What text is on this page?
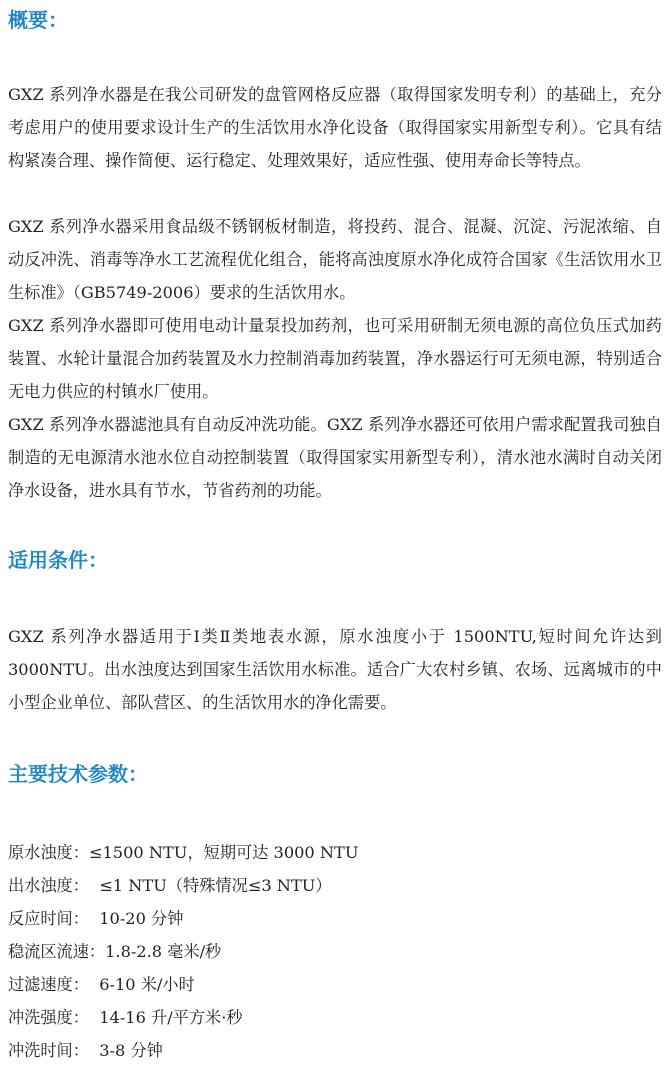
概要：

GXZ 系列净水器是在我公司研发的盘管网格反应器（取得国家发明专利）的基础上，充分考虑用户的使用要求设计生产的生活饮用水净化设备（取得国家实用新型专利）。它具有结构紧凑合理、操作简便、运行稳定、处理效果好，适应性强、使用寿命长等特点。

GXZ 系列净水器采用食品级不锈钢板材制造，将投药、混合、混凝、沉淀、污泥浓缩、自动反冲洗、消毒等净水工艺流程优化组合，能将高浊度原水净化成符合国家《生活饮用水卫生标准》（GB5749-2006）要求的生活饮用水。

GXZ 系列净水器即可使用电动计量泵投加药剂，也可采用研制无须电源的高位负压式加药装置、水轮计量混合加药装置及水力控制消毒加药装置，净水器运行可无须电源，特别适合无电力供应的村镇水厂使用。

GXZ 系列净水器滤池具有自动反冲洗功能。GXZ 系列净水器还可依用户需求配置我司独自制造的无电源清水池水位自动控制装置（取得国家实用新型专利），清水池水满时自动关闭净水设备，进水具有节水，节省药剂的功能。

适用条件：

GXZ 系列净水器适用于Ⅰ类Ⅱ类地表水源，原水浊度小于 1500NTU,短时间允许达到 3000NTU。出水浊度达到国家生活饮用水标准。适合广大农村乡镇、农场、远离城市的中小型企业单位、部队营区、的生活饮用水的净化需要。

主要技术参数：

原水浊度：≤1500 NTU，短期可达 3000 NTU

出水浊度：  ≤1 NTU（特殊情况≤3 NTU）

反应时间：  10-20 分钟

稳流区流速：1.8-2.8 毫米/秒

过滤速度：  6-10 米/小时

冲洗强度：  14-16 升/平方米·秒

冲洗时间：  3-8 分钟
